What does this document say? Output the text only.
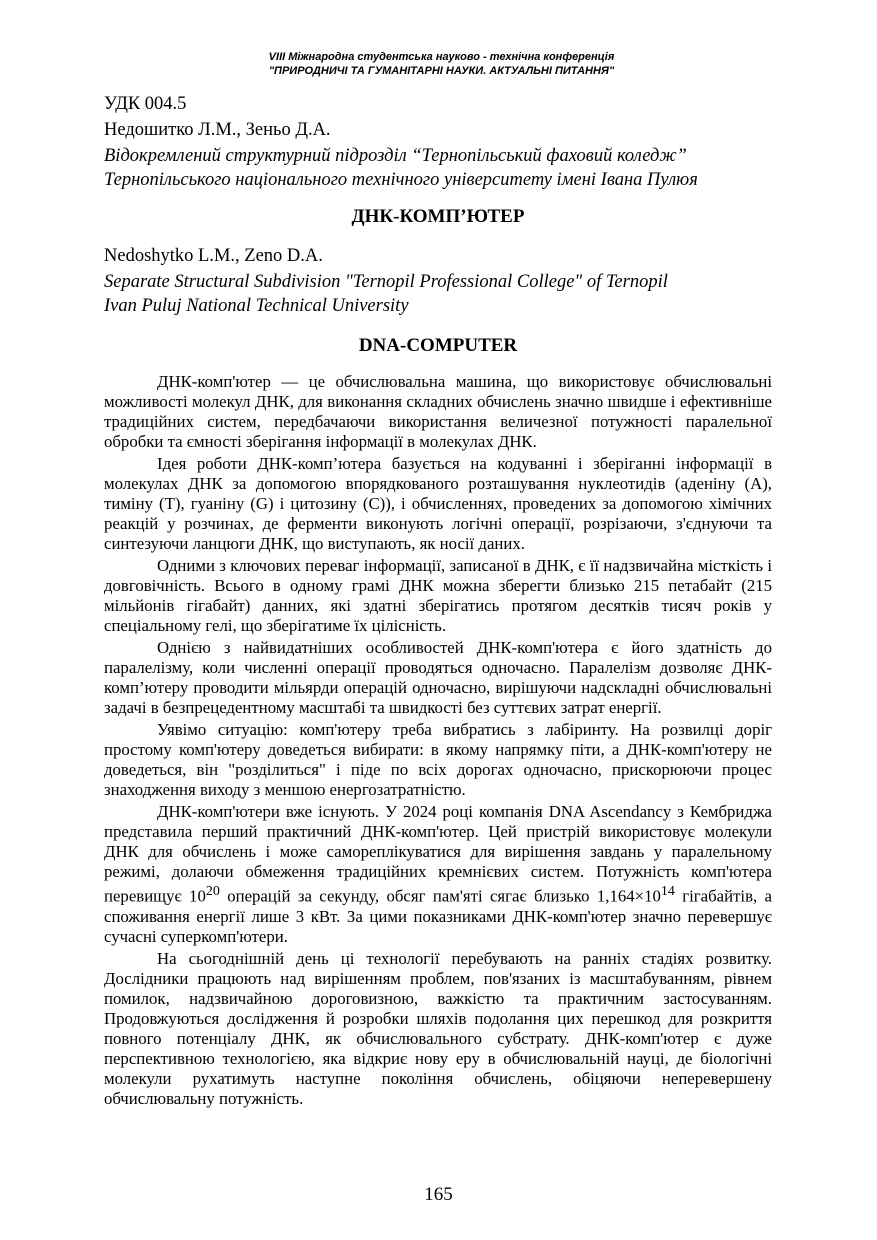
VIII Міжнародна студентська науково - технічна конференція
"ПРИРОДНИЧІ ТА ГУМАНІТАРНІ НАУКИ. АКТУАЛЬНІ ПИТАННЯ"
УДК 004.5
Недошитко Л.М., Зеньо Д.А.
Відокремлений структурний підрозділ “Тернопільський фаховий коледж”
Тернопільського національного технічного університету імені Івана Пулюя
ДНК-КОМП’ЮТЕР
Nedoshytko L.M., Zeno D.A.
Separate Structural Subdivision "Ternopil Professional College" of Ternopil
Ivan Puluj National Technical University
DNA-COMPUTER

ДНК-комп'ютер — це обчислювальна машина, що використовує обчислювальні можливості молекул ДНК, для виконання складних обчислень значно швидше і ефективніше традиційних систем, передбачаючи використання величезної потужності паралельної обробки та ємності зберігання інформації в молекулах ДНК.

Ідея роботи ДНК-комп’ютера базується на кодуванні і зберіганні інформації в молекулах ДНК за допомогою впорядкованого розташування нуклеотидів (аденіну (А), тиміну (Т), гуаніну (G) і цитозину (C)), і обчисленнях, проведених за допомогою хімічних реакцій у розчинах, де ферменти виконують логічні операції, розрізаючи, з'єднуючи та синтезуючи ланцюги ДНК, що виступають, як носії даних.

Одними з ключових переваг інформації, записаної в ДНК, є її надзвичайна місткість і довговічність. Всього в одному грамі ДНК можна зберегти близько 215 петабайт (215 мільйонів гігабайт) данних, які здатні зберігатись протягом десятків тисяч років у спеціальному гелі, що зберігатиме їх цілісність.

Однією з найвидатніших особливостей ДНК-комп'ютера є його здатність до паралелізму, коли численні операції проводяться одночасно. Паралелізм дозволяє ДНК-комп’ютеру проводити мільярди операцій одночасно, вирішуючи надскладні обчислювальні задачі в безпрецедентному масштабі та швидкості без суттєвих затрат енергії.

Уявімо ситуацію: комп'ютеру треба вибратись з лабіринту. На розвилці доріг простому комп'ютеру доведеться вибирати: в якому напрямку піти, а ДНК-комп'ютеру не доведеться, він "розділиться" і піде по всіх дорогах одночасно, прискорюючи процес знаходження виходу з меншою енергозатратністю.

ДНК-комп'ютери вже існують. У 2024 році компанія DNA Ascendancy з Кембриджа представила перший практичний ДНК-комп'ютер. Цей пристрій використовує молекули ДНК для обчислень і може самореплікуватися для вирішення завдань у паралельному режимі, долаючи обмеження традиційних кремнієвих систем. Потужність комп'ютера перевищує $10^{20}$ операцій за секунду, обсяг пам'яті сягає близько $1,164\times 10^{14}$ гігабайтів, а споживання енергії лише 3 кВт. За цими показниками ДНК-комп'ютер значно перевершує сучасні суперкомп'ютери.

На сьогоднішній день ці технології перебувають на ранніх стадіях розвитку. Дослідники працюють над вирішенням проблем, пов'язаних із масштабуванням, рівнем помилок, надзвичайною дороговизною, важкістю та практичним застосуванням. Продовжуються дослідження й розробки шляхів подолання цих перешкод для розкриття повного потенціалу ДНК, як обчислювального субстрату. ДНК-комп'ютер є дуже перспективною технологією, яка відкриє нову еру в обчислювальній науці, де біологічні молекули рухатимуть наступне покоління обчислень, обіцяючи неперевершену обчислювальну потужність.

165
